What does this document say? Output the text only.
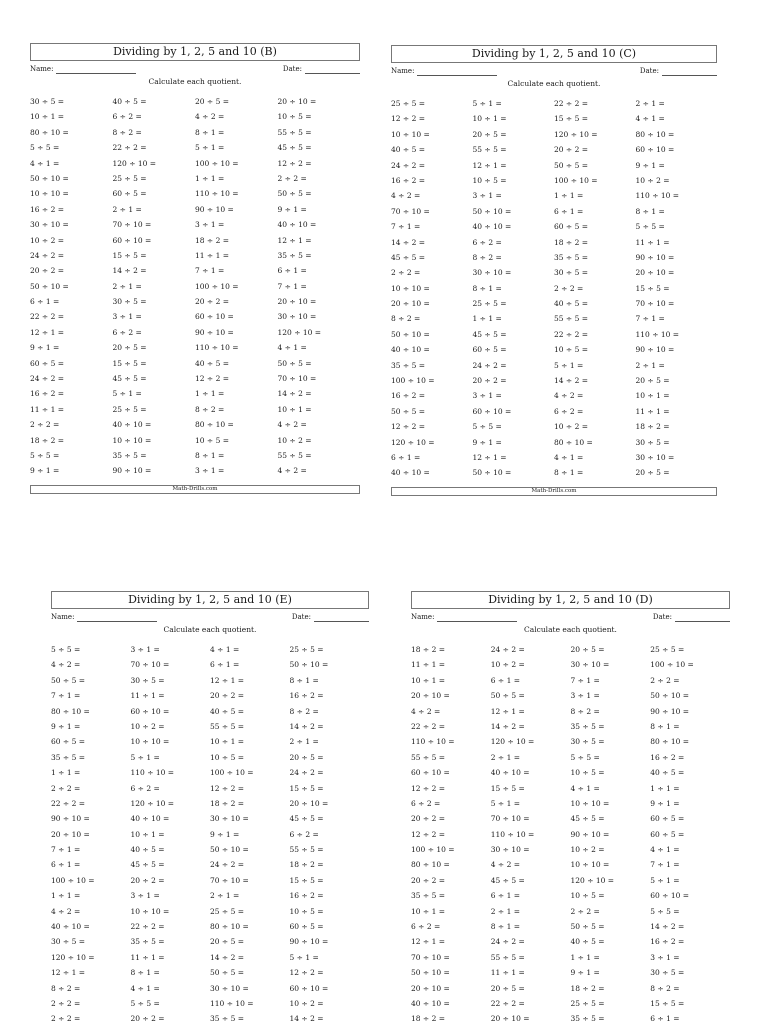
Dividing by 1, 2, 5 and 10 (B)
Name:	Date:
Calculate each quotient.
30 ÷ 5 =	40 ÷ 5 =	20 ÷ 5 =	20 ÷ 10 =
10 ÷ 1 =	6 ÷ 2 =	4 ÷ 2 =	10 ÷ 5 =
80 ÷ 10 =	8 ÷ 2 =	8 ÷ 1 =	55 ÷ 5 =
5 ÷ 5 =	22 ÷ 2 =	5 ÷ 1 =	45 ÷ 5 =
4 ÷ 1 =	120 ÷ 10 =	100 ÷ 10 =	12 ÷ 2 =
50 ÷ 10 =	25 ÷ 5 =	1 ÷ 1 =	2 ÷ 2 =
10 ÷ 10 =	60 ÷ 5 =	110 ÷ 10 =	50 ÷ 5 =
16 ÷ 2 =	2 ÷ 1 =	90 ÷ 10 =	9 ÷ 1 =
30 ÷ 10 =	70 ÷ 10 =	3 ÷ 1 =	40 ÷ 10 =
10 ÷ 2 =	60 ÷ 10 =	18 ÷ 2 =	12 ÷ 1 =
24 ÷ 2 =	15 ÷ 5 =	11 ÷ 1 =	35 ÷ 5 =
20 ÷ 2 =	14 ÷ 2 =	7 ÷ 1 =	6 ÷ 1 =
50 ÷ 10 =	2 ÷ 1 =	100 ÷ 10 =	7 ÷ 1 =
6 ÷ 1 =	30 ÷ 5 =	20 ÷ 2 =	20 ÷ 10 =
22 ÷ 2 =	3 ÷ 1 =	60 ÷ 10 =	30 ÷ 10 =
12 ÷ 1 =	6 ÷ 2 =	90 ÷ 10 =	120 ÷ 10 =
9 ÷ 1 =	20 ÷ 5 =	110 ÷ 10 =	4 ÷ 1 =
60 ÷ 5 =	15 ÷ 5 =	40 ÷ 5 =	50 ÷ 5 =
24 ÷ 2 =	45 ÷ 5 =	12 ÷ 2 =	70 ÷ 10 =
16 ÷ 2 =	5 ÷ 1 =	1 ÷ 1 =	14 ÷ 2 =
11 ÷ 1 =	25 ÷ 5 =	8 ÷ 2 =	10 ÷ 1 =
2 ÷ 2 =	40 ÷ 10 =	80 ÷ 10 =	4 ÷ 2 =
18 ÷ 2 =	10 ÷ 10 =	10 ÷ 5 =	10 ÷ 2 =
5 ÷ 5 =	35 ÷ 5 =	8 ÷ 1 =	55 ÷ 5 =
9 ÷ 1 =	90 ÷ 10 =	3 ÷ 1 =	4 ÷ 2 =
Math-Drills.com
Dividing by 1, 2, 5 and 10 (C)
Name:	Date:
Calculate each quotient.
25 ÷ 5 =	5 ÷ 1 =	22 ÷ 2 =	2 ÷ 1 =
12 ÷ 2 =	10 ÷ 1 =	15 ÷ 5 =	4 ÷ 1 =
10 ÷ 10 =	20 ÷ 5 =	120 ÷ 10 =	80 ÷ 10 =
40 ÷ 5 =	55 ÷ 5 =	20 ÷ 2 =	60 ÷ 10 =
24 ÷ 2 =	12 ÷ 1 =	50 ÷ 5 =	9 ÷ 1 =
16 ÷ 2 =	10 ÷ 5 =	100 ÷ 10 =	10 ÷ 2 =
4 ÷ 2 =	3 ÷ 1 =	1 ÷ 1 =	110 ÷ 10 =
70 ÷ 10 =	50 ÷ 10 =	6 ÷ 1 =	8 ÷ 1 =
7 ÷ 1 =	40 ÷ 10 =	60 ÷ 5 =	5 ÷ 5 =
14 ÷ 2 =	6 ÷ 2 =	18 ÷ 2 =	11 ÷ 1 =
45 ÷ 5 =	8 ÷ 2 =	35 ÷ 5 =	90 ÷ 10 =
2 ÷ 2 =	30 ÷ 10 =	30 ÷ 5 =	20 ÷ 10 =
10 ÷ 10 =	8 ÷ 1 =	2 ÷ 2 =	15 ÷ 5 =
20 ÷ 10 =	25 ÷ 5 =	40 ÷ 5 =	70 ÷ 10 =
8 ÷ 2 =	1 ÷ 1 =	55 ÷ 5 =	7 ÷ 1 =
50 ÷ 10 =	45 ÷ 5 =	22 ÷ 2 =	110 ÷ 10 =
40 ÷ 10 =	60 ÷ 5 =	10 ÷ 5 =	90 ÷ 10 =
35 ÷ 5 =	24 ÷ 2 =	5 ÷ 1 =	2 ÷ 1 =
100 ÷ 10 =	20 ÷ 2 =	14 ÷ 2 =	20 ÷ 5 =
16 ÷ 2 =	3 ÷ 1 =	4 ÷ 2 =	10 ÷ 1 =
50 ÷ 5 =	60 ÷ 10 =	6 ÷ 2 =	11 ÷ 1 =
12 ÷ 2 =	5 ÷ 5 =	10 ÷ 2 =	18 ÷ 2 =
120 ÷ 10 =	9 ÷ 1 =	80 ÷ 10 =	30 ÷ 5 =
6 ÷ 1 =	12 ÷ 1 =	4 ÷ 1 =	30 ÷ 10 =
40 ÷ 10 =	50 ÷ 10 =	8 ÷ 1 =	20 ÷ 5 =
Math-Drills.com
Dividing by 1, 2, 5 and 10 (E)
Name:	Date:
Calculate each quotient.
5 ÷ 5 =	3 ÷ 1 =	4 ÷ 1 =	25 ÷ 5 =
4 ÷ 2 =	70 ÷ 10 =	6 ÷ 1 =	50 ÷ 10 =
50 ÷ 5 =	30 ÷ 5 =	12 ÷ 1 =	8 ÷ 1 =
7 ÷ 1 =	11 ÷ 1 =	20 ÷ 2 =	16 ÷ 2 =
80 ÷ 10 =	60 ÷ 10 =	40 ÷ 5 =	8 ÷ 2 =
9 ÷ 1 =	10 ÷ 2 =	55 ÷ 5 =	14 ÷ 2 =
60 ÷ 5 =	10 ÷ 10 =	10 ÷ 1 =	2 ÷ 1 =
35 ÷ 5 =	5 ÷ 1 =	10 ÷ 5 =	20 ÷ 5 =
1 ÷ 1 =	110 ÷ 10 =	100 ÷ 10 =	24 ÷ 2 =
2 ÷ 2 =	6 ÷ 2 =	12 ÷ 2 =	15 ÷ 5 =
22 ÷ 2 =	120 ÷ 10 =	18 ÷ 2 =	20 ÷ 10 =
90 ÷ 10 =	40 ÷ 10 =	30 ÷ 10 =	45 ÷ 5 =
20 ÷ 10 =	10 ÷ 1 =	9 ÷ 1 =	6 ÷ 2 =
7 ÷ 1 =	40 ÷ 5 =	50 ÷ 10 =	55 ÷ 5 =
6 ÷ 1 =	45 ÷ 5 =	24 ÷ 2 =	18 ÷ 2 =
100 ÷ 10 =	20 ÷ 2 =	70 ÷ 10 =	15 ÷ 5 =
1 ÷ 1 =	3 ÷ 1 =	2 ÷ 1 =	16 ÷ 2 =
4 ÷ 2 =	10 ÷ 10 =	25 ÷ 5 =	10 ÷ 5 =
40 ÷ 10 =	22 ÷ 2 =	80 ÷ 10 =	60 ÷ 5 =
30 ÷ 5 =	35 ÷ 5 =	20 ÷ 5 =	90 ÷ 10 =
120 ÷ 10 =	11 ÷ 1 =	14 ÷ 2 =	5 ÷ 1 =
12 ÷ 1 =	8 ÷ 1 =	50 ÷ 5 =	12 ÷ 2 =
8 ÷ 2 =	4 ÷ 1 =	30 ÷ 10 =	60 ÷ 10 =
2 ÷ 2 =	5 ÷ 5 =	110 ÷ 10 =	10 ÷ 2 =
2 ÷ 2 =	20 ÷ 2 =	35 ÷ 5 =	14 ÷ 2 =
Dividing by 1, 2, 5 and 10 (D)
Name:	Date:
Calculate each quotient.
18 ÷ 2 =	24 ÷ 2 =	20 ÷ 5 =	25 ÷ 5 =
11 ÷ 1 =	10 ÷ 2 =	30 ÷ 10 =	100 ÷ 10 =
10 ÷ 1 =	6 ÷ 1 =	7 ÷ 1 =	2 ÷ 2 =
20 ÷ 10 =	50 ÷ 5 =	3 ÷ 1 =	50 ÷ 10 =
4 ÷ 2 =	12 ÷ 1 =	8 ÷ 2 =	90 ÷ 10 =
22 ÷ 2 =	14 ÷ 2 =	35 ÷ 5 =	8 ÷ 1 =
110 ÷ 10 =	120 ÷ 10 =	30 ÷ 5 =	80 ÷ 10 =
55 ÷ 5 =	2 ÷ 1 =	5 ÷ 5 =	16 ÷ 2 =
60 ÷ 10 =	40 ÷ 10 =	10 ÷ 5 =	40 ÷ 5 =
12 ÷ 2 =	15 ÷ 5 =	4 ÷ 1 =	1 ÷ 1 =
6 ÷ 2 =	5 ÷ 1 =	10 ÷ 10 =	9 ÷ 1 =
20 ÷ 2 =	70 ÷ 10 =	45 ÷ 5 =	60 ÷ 5 =
12 ÷ 2 =	110 ÷ 10 =	90 ÷ 10 =	60 ÷ 5 =
100 ÷ 10 =	30 ÷ 10 =	10 ÷ 2 =	4 ÷ 1 =
80 ÷ 10 =	4 ÷ 2 =	10 ÷ 10 =	7 ÷ 1 =
20 ÷ 2 =	45 ÷ 5 =	120 ÷ 10 =	5 ÷ 1 =
35 ÷ 5 =	6 ÷ 1 =	10 ÷ 5 =	60 ÷ 10 =
10 ÷ 1 =	2 ÷ 1 =	2 ÷ 2 =	5 ÷ 5 =
6 ÷ 2 =	8 ÷ 1 =	50 ÷ 5 =	14 ÷ 2 =
12 ÷ 1 =	24 ÷ 2 =	40 ÷ 5 =	16 ÷ 2 =
70 ÷ 10 =	55 ÷ 5 =	1 ÷ 1 =	3 ÷ 1 =
50 ÷ 10 =	11 ÷ 1 =	9 ÷ 1 =	30 ÷ 5 =
20 ÷ 10 =	20 ÷ 5 =	18 ÷ 2 =	8 ÷ 2 =
40 ÷ 10 =	22 ÷ 2 =	25 ÷ 5 =	15 ÷ 5 =
18 ÷ 2 =	20 ÷ 10 =	35 ÷ 5 =	6 ÷ 1 =
